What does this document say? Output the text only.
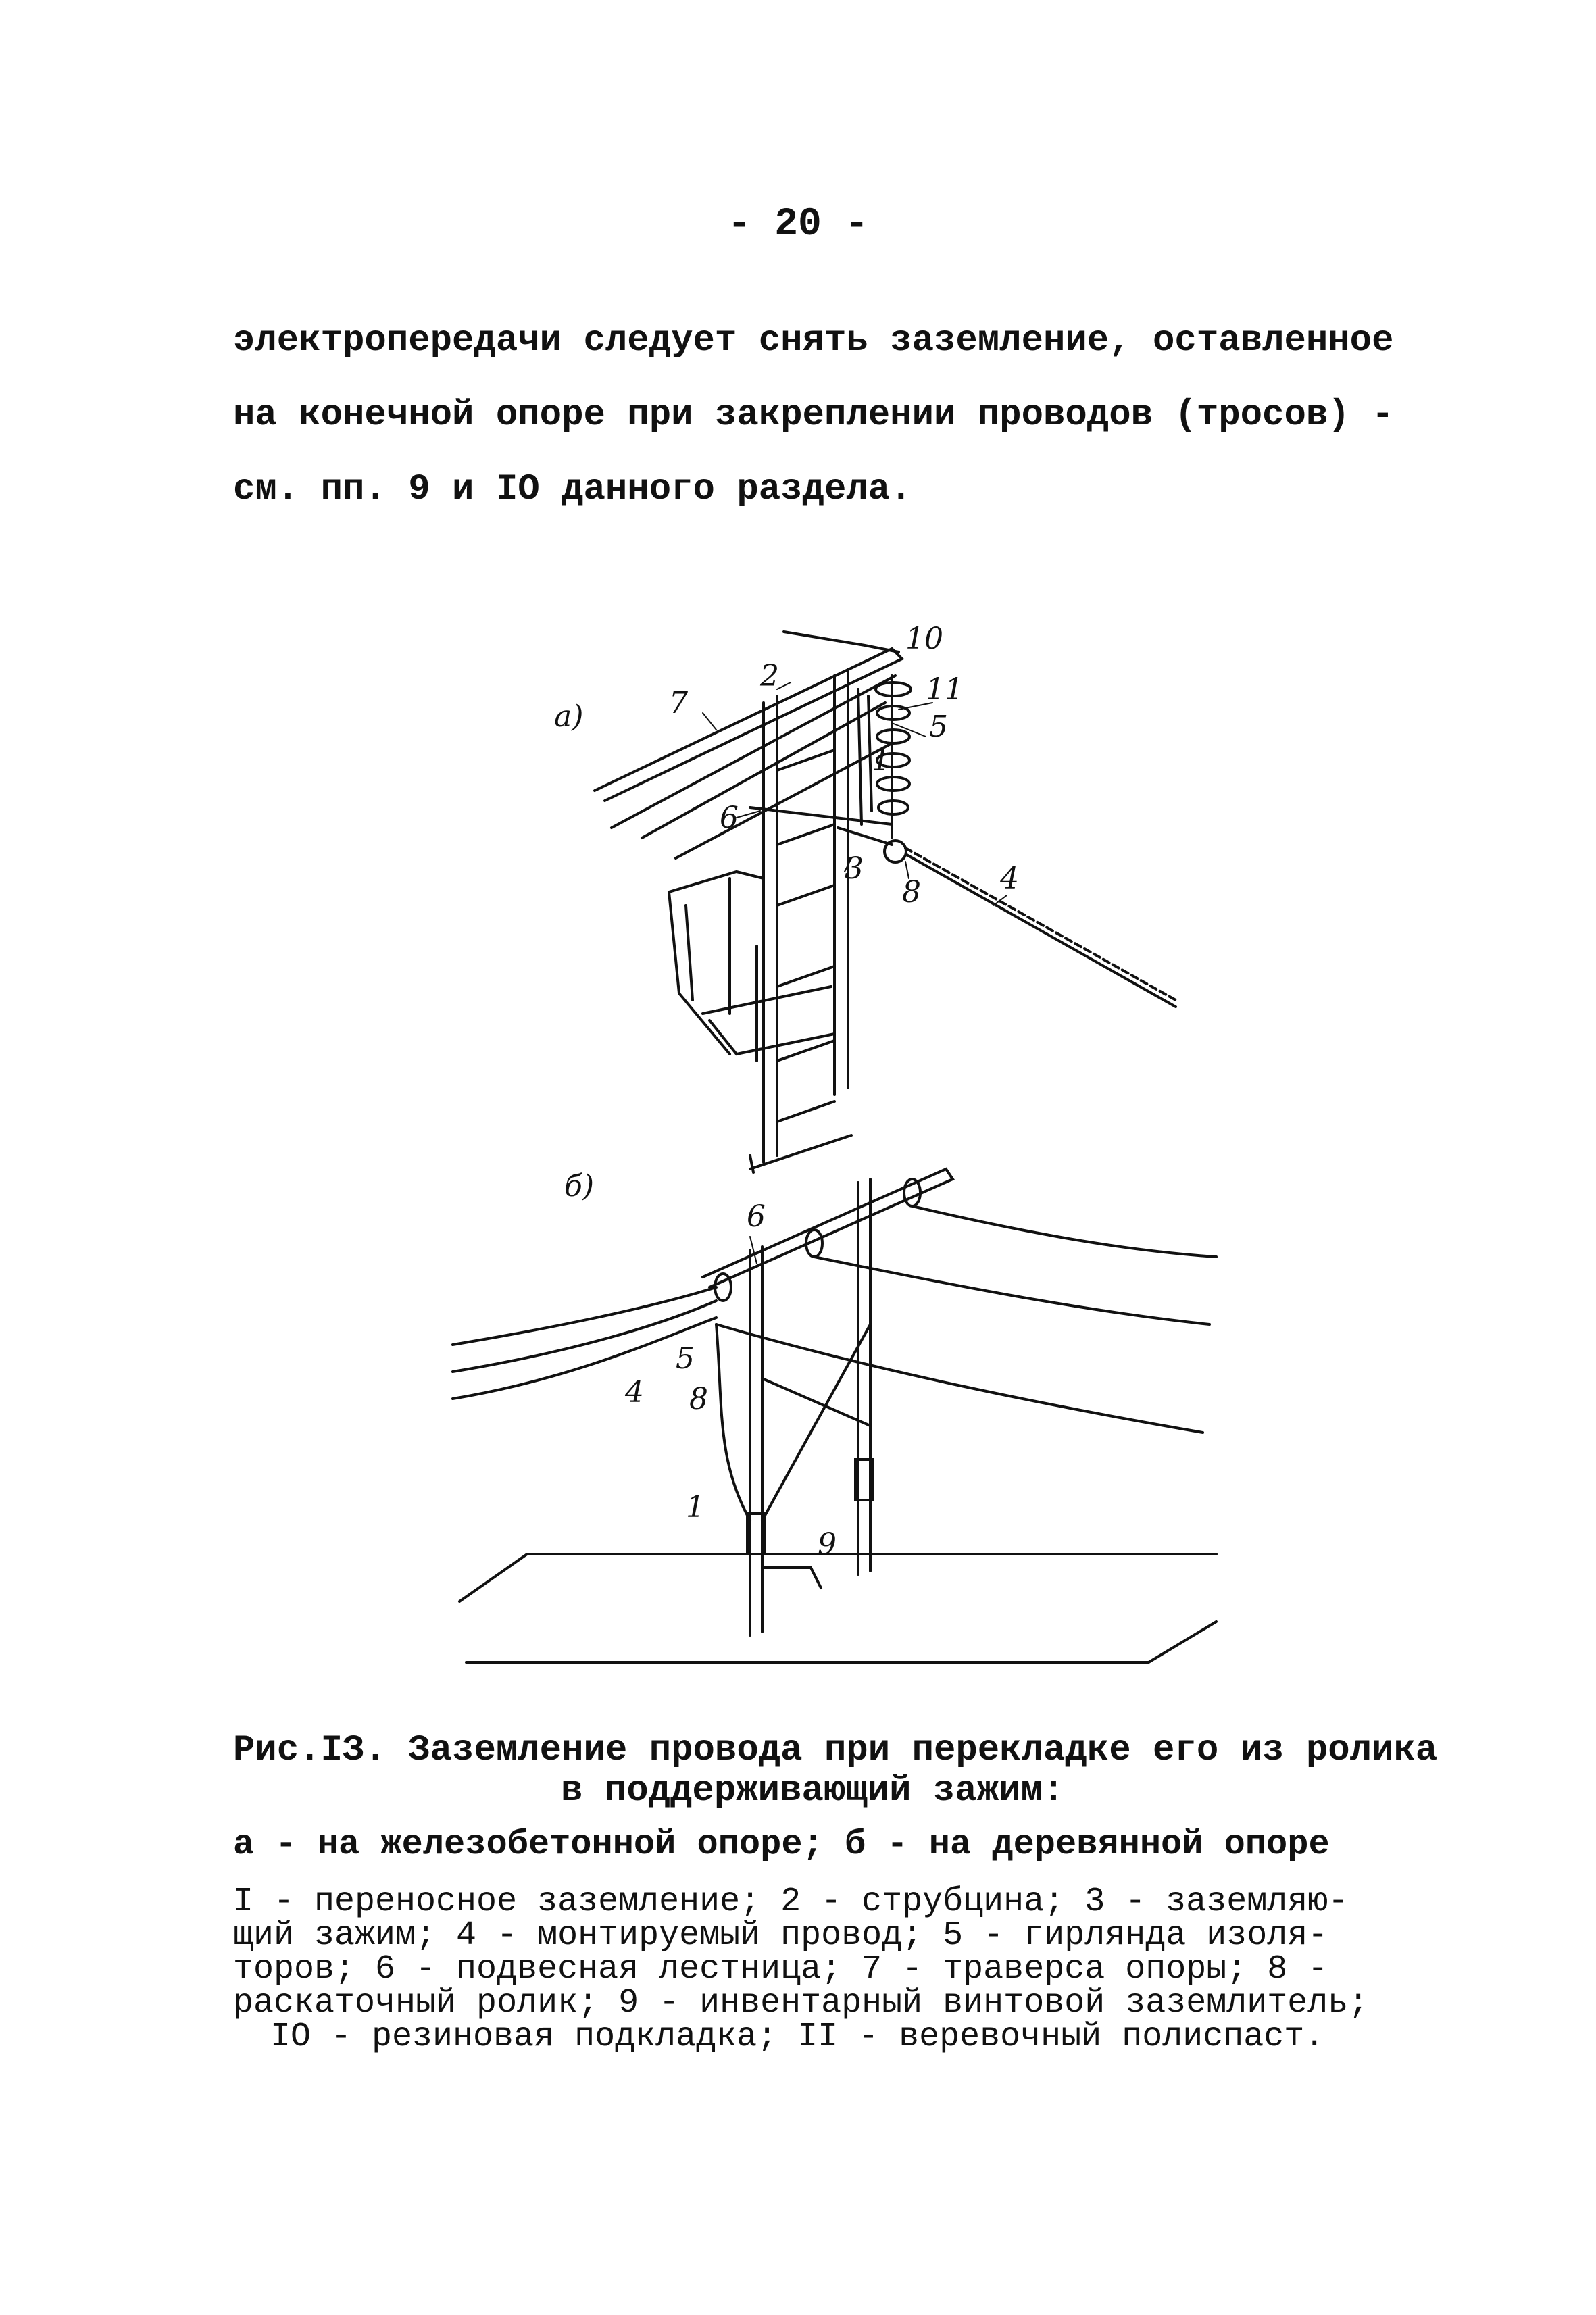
- 20 -
электропередачи следует снять заземление, оставленное
на конечной опоре при закреплении проводов (тросов) -
см. пп. 9 и IO данного раздела.
а)
б)
10
2	11
7
5
1
6
3
8	4
6
5
4 8
1
9
Рис.IЗ. Заземление провода при перекладке его из ролика
в поддерживающий зажим:
а - на железобетонной опоре; б - на деревянной опоре
I - переносное заземление; 2 - струбцина; 3 - заземляю-
щий зажим; 4 - монтируемый провод; 5 - гирлянда изоля-
торов; 6 - подвесная лестница; 7 - траверса опоры; 8 -
раскаточный ролик; 9 - инвентарный винтовой заземлитель;
IO - резиновая подкладка; II - веревочный полиспаст.
